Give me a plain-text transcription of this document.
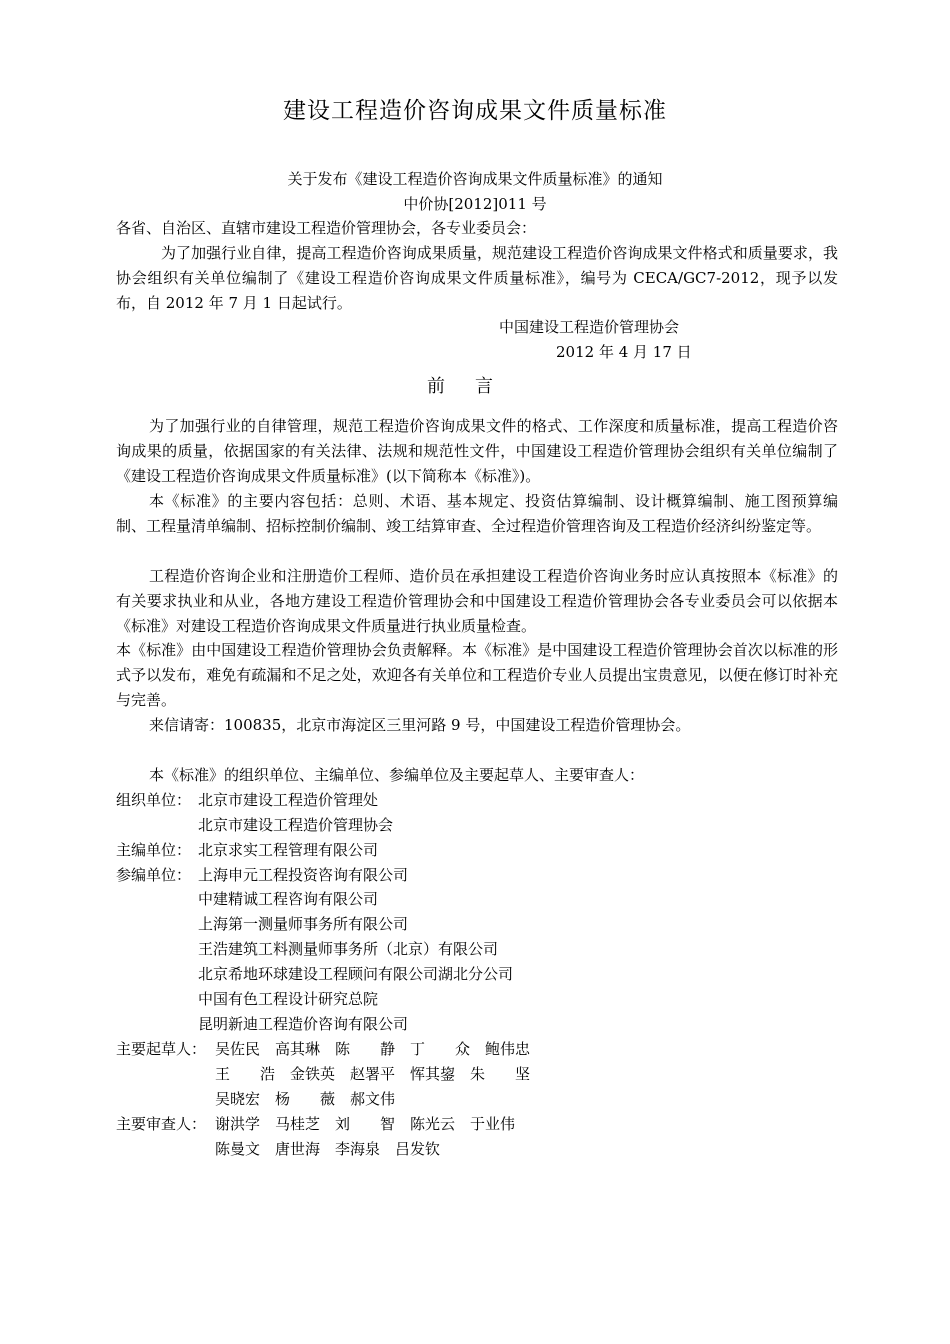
建设工程造价咨询成果文件质量标准
关于发布《建设工程造价咨询成果文件质量标准》的通知
中价协[2012]011 号
各省、自治区、直辖市建设工程造价管理协会，各专业委员会：
为了加强行业自律，提高工程造价咨询成果质量，规范建设工程造价咨询成果文件格式和质量要求，我协会组织有关单位编制了《建设工程造价咨询成果文件质量标准》，编号为 CECA/GC7-2012，现予以发布，自 2012 年 7 月 1 日起试行。
中国建设工程造价管理协会
2012 年 4 月 17 日
前言
为了加强行业的自律管理，规范工程造价咨询成果文件的格式、工作深度和质量标准，提高工程造价咨询成果的质量，依据国家的有关法律、法规和规范性文件，中国建设工程造价管理协会组织有关单位编制了《建设工程造价咨询成果文件质量标准》(以下简称本《标准》)。
本《标准》的主要内容包括：总则、术语、基本规定、投资估算编制、设计概算编制、施工图预算编制、工程量清单编制、招标控制价编制、竣工结算审查、全过程造价管理咨询及工程造价经济纠纷鉴定等。
工程造价咨询企业和注册造价工程师、造价员在承担建设工程造价咨询业务时应认真按照本《标准》的有关要求执业和从业，各地方建设工程造价管理协会和中国建设工程造价管理协会各专业委员会可以依据本《标准》对建设工程造价咨询成果文件质量进行执业质量检查。
本《标准》由中国建设工程造价管理协会负责解释。本《标准》是中国建设工程造价管理协会首次以标准的形式予以发布，难免有疏漏和不足之处，欢迎各有关单位和工程造价专业人员提出宝贵意见，以便在修订时补充与完善。
来信请寄：100835，北京市海淀区三里河路 9 号，中国建设工程造价管理协会。
本《标准》的组织单位、主编单位、参编单位及主要起草人、主要审查人：
组织单位： 北京市建设工程造价管理处
北京市建设工程造价管理协会
主编单位： 北京求实工程管理有限公司
参编单位： 上海申元工程投资咨询有限公司
中建精诚工程咨询有限公司
上海第一测量师事务所有限公司
王浩建筑工料测量师事务所（北京）有限公司
北京希地环球建设工程顾问有限公司湖北分公司
中国有色工程设计研究总院
昆明新迪工程造价咨询有限公司
主要起草人： 吴佐民　高其琳　陈　　静　丁　　众　鲍伟忠
王　　浩　金铁英　赵署平　恽其鋆　朱　　坚
吴晓宏　杨　　薇　郝文伟
主要审查人： 谢洪学　马桂芝　刘　　智　陈光云　于业伟
陈曼文　唐世海　李海泉　吕发钦
